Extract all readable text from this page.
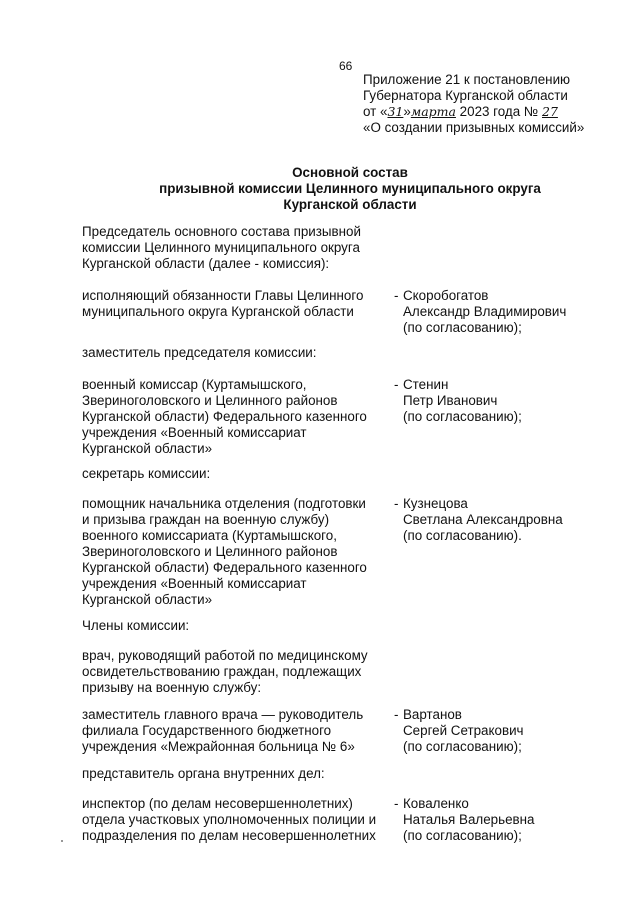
66
Приложение 21 к постановлению
Губернатора Курганской области
от «31»марта 2023 года № 27
«О создании призывных комиссий»
Основной состав
призывной комиссии Целинного муниципального округа
Курганской области
Председатель основного состава призывной
комиссии Целинного муниципального округа
Курганской области (далее - комиссия):
исполняющий обязанности Главы Целинного
муниципального округа Курганской области
- Скоробогатов
Александр Владимирович
(по согласованию);
заместитель председателя комиссии:
военный комиссар (Куртамышского,
Звериноголовского и Целинного районов
Курганской области) Федерального казенного
учреждения «Военный комиссариат
Курганской области»
- Стенин
Петр Иванович
(по согласованию);
секретарь комиссии:
помощник начальника отделения (подготовки
и призыва граждан на военную службу)
военного комиссариата (Куртамышского,
Звериноголовского и Целинного районов
Курганской области) Федерального казенного
учреждения «Военный комиссариат
Курганской области»
- Кузнецова
Светлана Александровна
(по согласованию).
Члены комиссии:
врач, руководящий работой по медицинскому
освидетельствованию граждан, подлежащих
призыву на военную службу:
заместитель главного врача — руководитель
филиала Государственного бюджетного
учреждения «Межрайонная больница № 6»
- Вартанов
Сергей Сетракович
(по согласованию);
представитель органа внутренних дел:
инспектор (по делам несовершеннолетних)
отдела участковых уполномоченных полиции и
подразделения по делам несовершеннолетних
- Коваленко
Наталья Валерьевна
(по согласованию);
